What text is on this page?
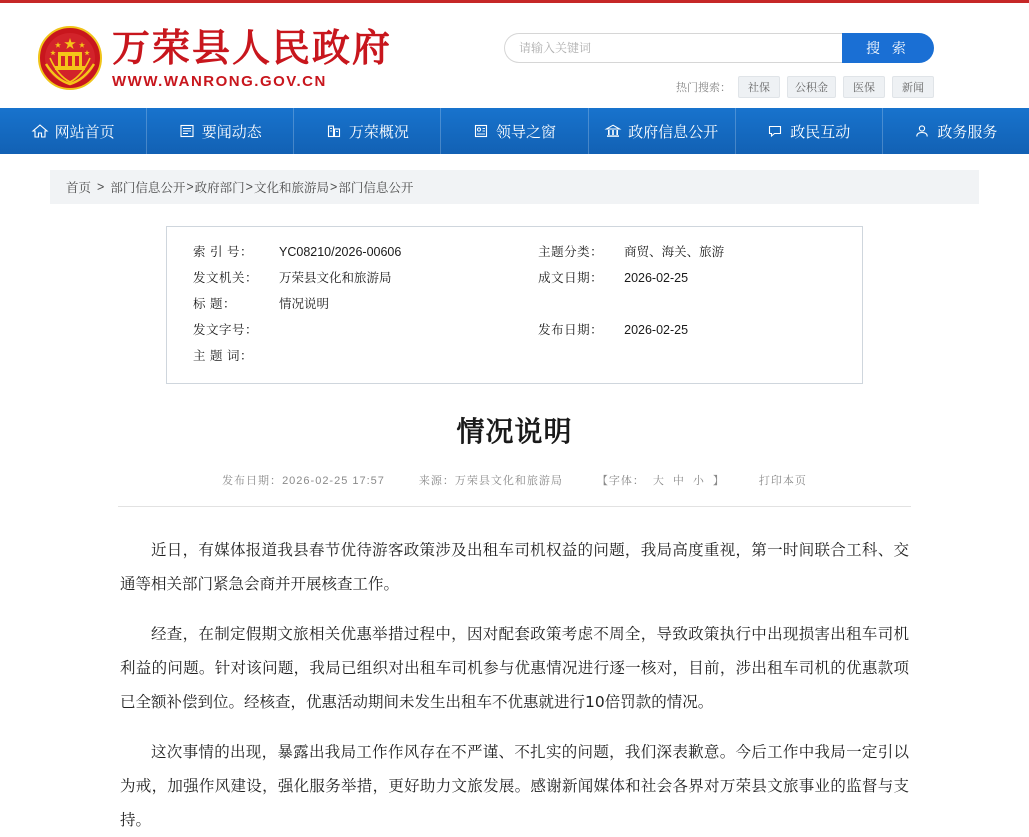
万荣县人民政府
WWW.WANRONG.GOV.CN
请输入关键词
搜 索
热门搜索：	社保	公积金	医保	新闻
网站首页	要闻动态	万荣概况	领导之窗	政府信息公开	政民互动	政务服务
首页 > 部门信息公开 > 政府部门 > 文化和旅游局 > 部门信息公开
索 引 号：	YC08210/2026-00606	主题分类：	商贸、海关、旅游
发文机关：	万荣县文化和旅游局	成文日期：	2026-02-25
标 题：	情况说明		
发文字号：		发布日期：	2026-02-25
主 题 词：			
情况说明
发布日期：2026-02-25 17:57	来源：万荣县文化和旅游局	【字体： 大 中 小 】	打印本页

近日，有媒体报道我县春节优待游客政策涉及出租车司机权益的问题，我局高度重视，第一时间联合工科、交通等相关部门紧急会商并开展核查工作。

经查，在制定假期文旅相关优惠举措过程中，因对配套政策考虑不周全，导致政策执行中出现损害出租车司机利益的问题。针对该问题，我局已组织对出租车司机参与优惠情况进行逐一核对，目前，涉出租车司机的优惠款项已全额补偿到位。经核查，优惠活动期间未发生出租车不优惠就进行10倍罚款的情况。

这次事情的出现，暴露出我局工作作风存在不严谨、不扎实的问题，我们深表歉意。今后工作中我局一定引以为戒，加强作风建设，强化服务举措，更好助力文旅发展。感谢新闻媒体和社会各界对万荣县文旅事业的监督与支持。
